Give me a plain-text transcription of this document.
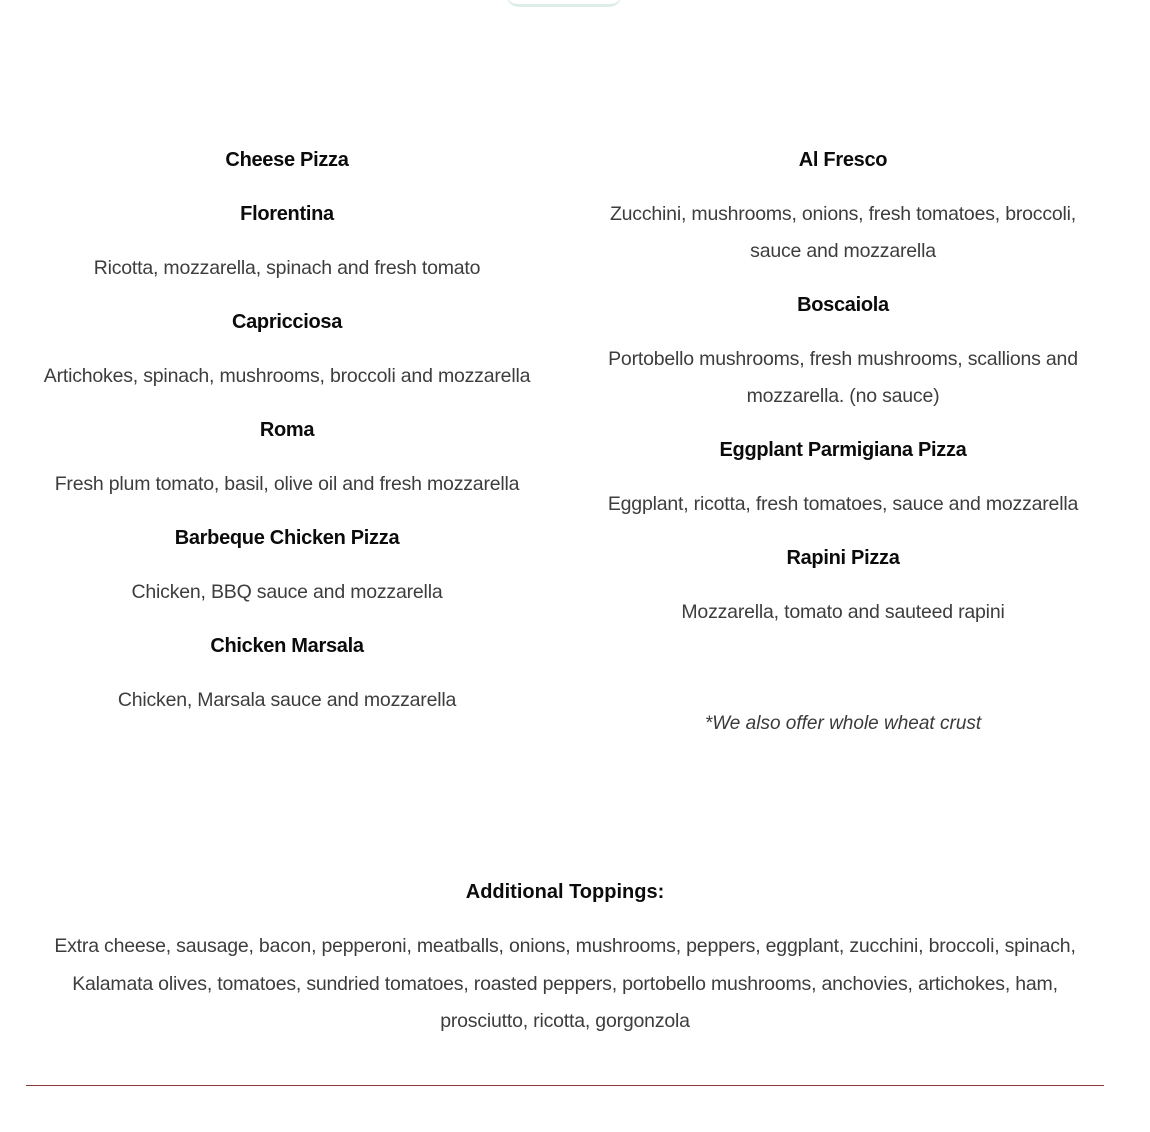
Cheese Pizza

Florentina

Ricotta, mozzarella, spinach and fresh tomato

Capricciosa

Artichokes, spinach, mushrooms, broccoli and mozzarella

Roma

Fresh plum tomato, basil, olive oil and fresh mozzarella

Barbeque Chicken Pizza

Chicken, BBQ sauce and mozzarella

Chicken Marsala

Chicken, Marsala sauce and mozzarella

Al Fresco

Zucchini, mushrooms, onions, fresh tomatoes, broccoli, sauce and mozzarella

Boscaiola

Portobello mushrooms, fresh mushrooms, scallions and mozzarella. (no sauce)

Eggplant Parmigiana Pizza

Eggplant, ricotta, fresh tomatoes, sauce and mozzarella

Rapini Pizza

Mozzarella, tomato and sauteed rapini

*We also offer whole wheat crust

Additional Toppings:

Extra cheese, sausage, bacon, pepperoni, meatballs, onions, mushrooms, peppers, eggplant, zucchini, broccoli, spinach, Kalamata olives, tomatoes, sundried tomatoes, roasted peppers, portobello mushrooms, anchovies, artichokes, ham, prosciutto, ricotta, gorgonzola
